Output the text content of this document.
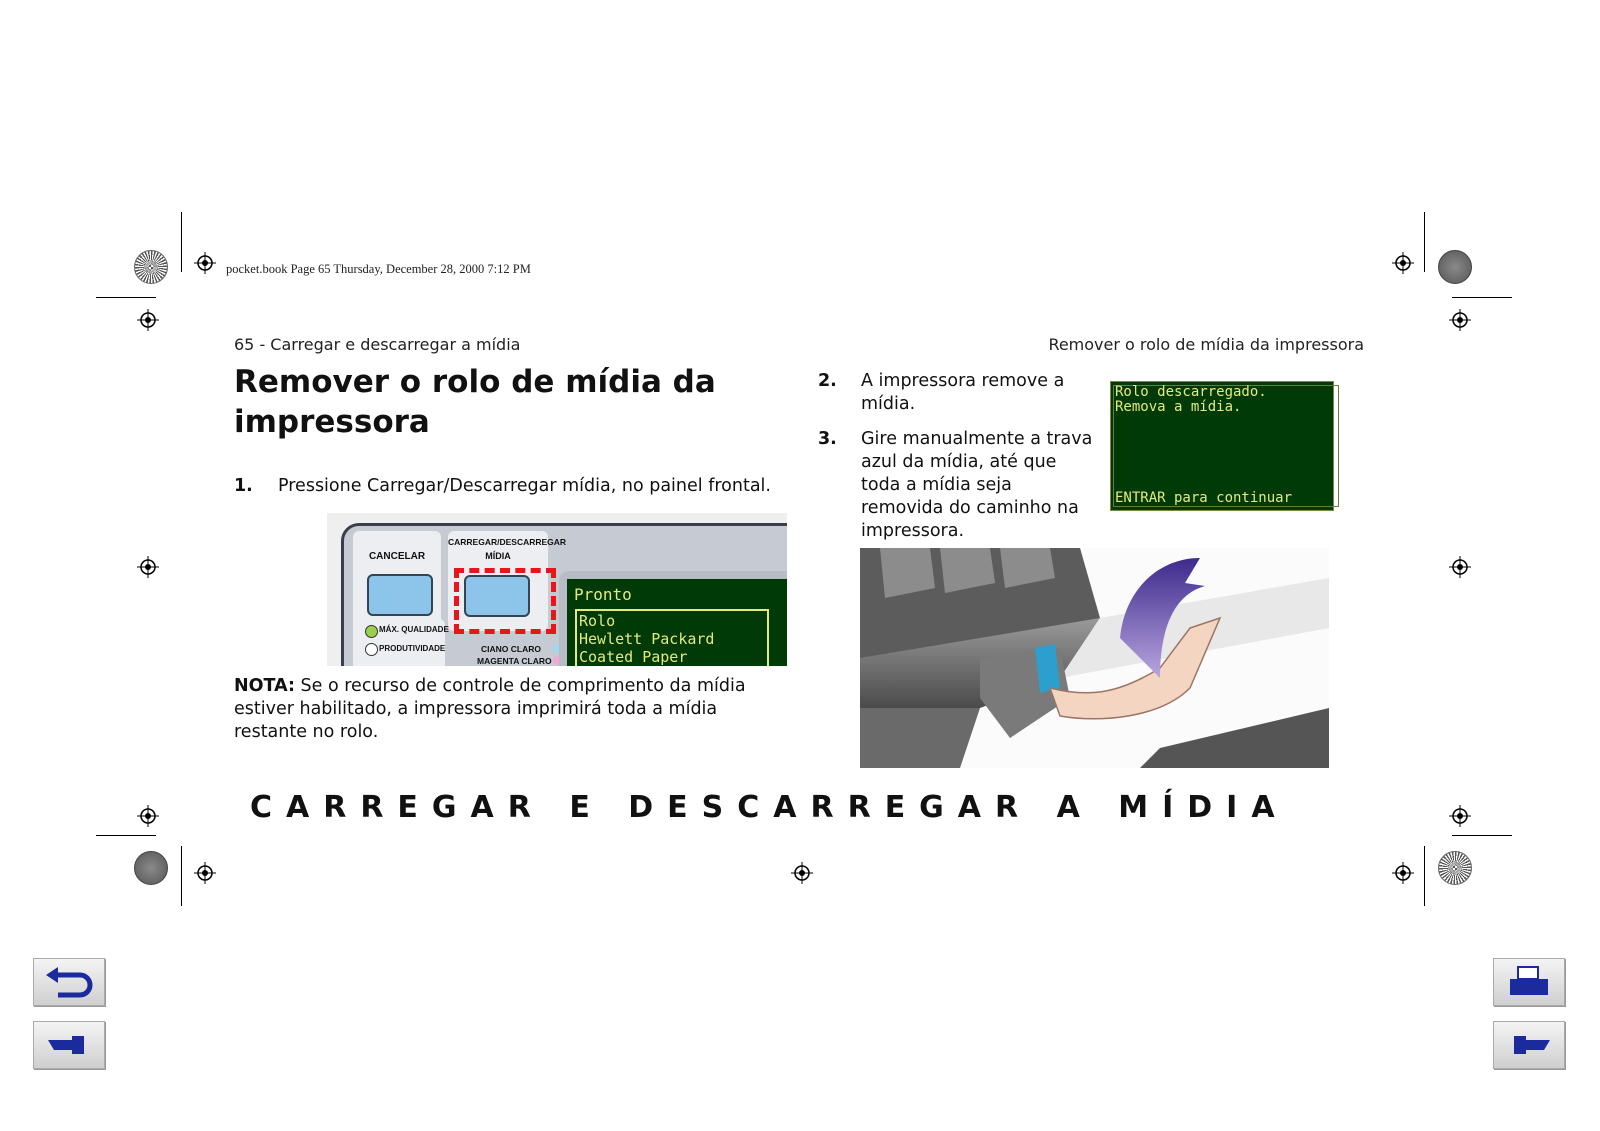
pocket.book Page 65 Thursday, December 28, 2000 7:12 PM
65 - Carregar e descarregar a mídia	Remover o rolo de mídia da impressora
Remover o rolo de mídia da impressora
1. Pressione Carregar/Descarregar mídia, no painel frontal.
CANCELAR
CARREGAR/DESCARREGAR
MÍDIA
MÁX. QUALIDADE
PRODUTIVIDADE	CIANO CLARO
MAGENTA CLARO
Pronto
Rolo
Hewlett Packard
Coated Paper
NOTA: Se o recurso de controle de comprimento da mídia estiver habilitado, a impressora imprimirá toda a mídia restante no rolo.
2. A impressora remove a mídia.
3. Gire manualmente a trava azul da mídia, até que toda a mídia seja removida do caminho na impressora.
Rolo descarregado.
Remova a mídia.
ENTRAR para continuar
CARREGAR E DESCARREGAR A MÍDIA
